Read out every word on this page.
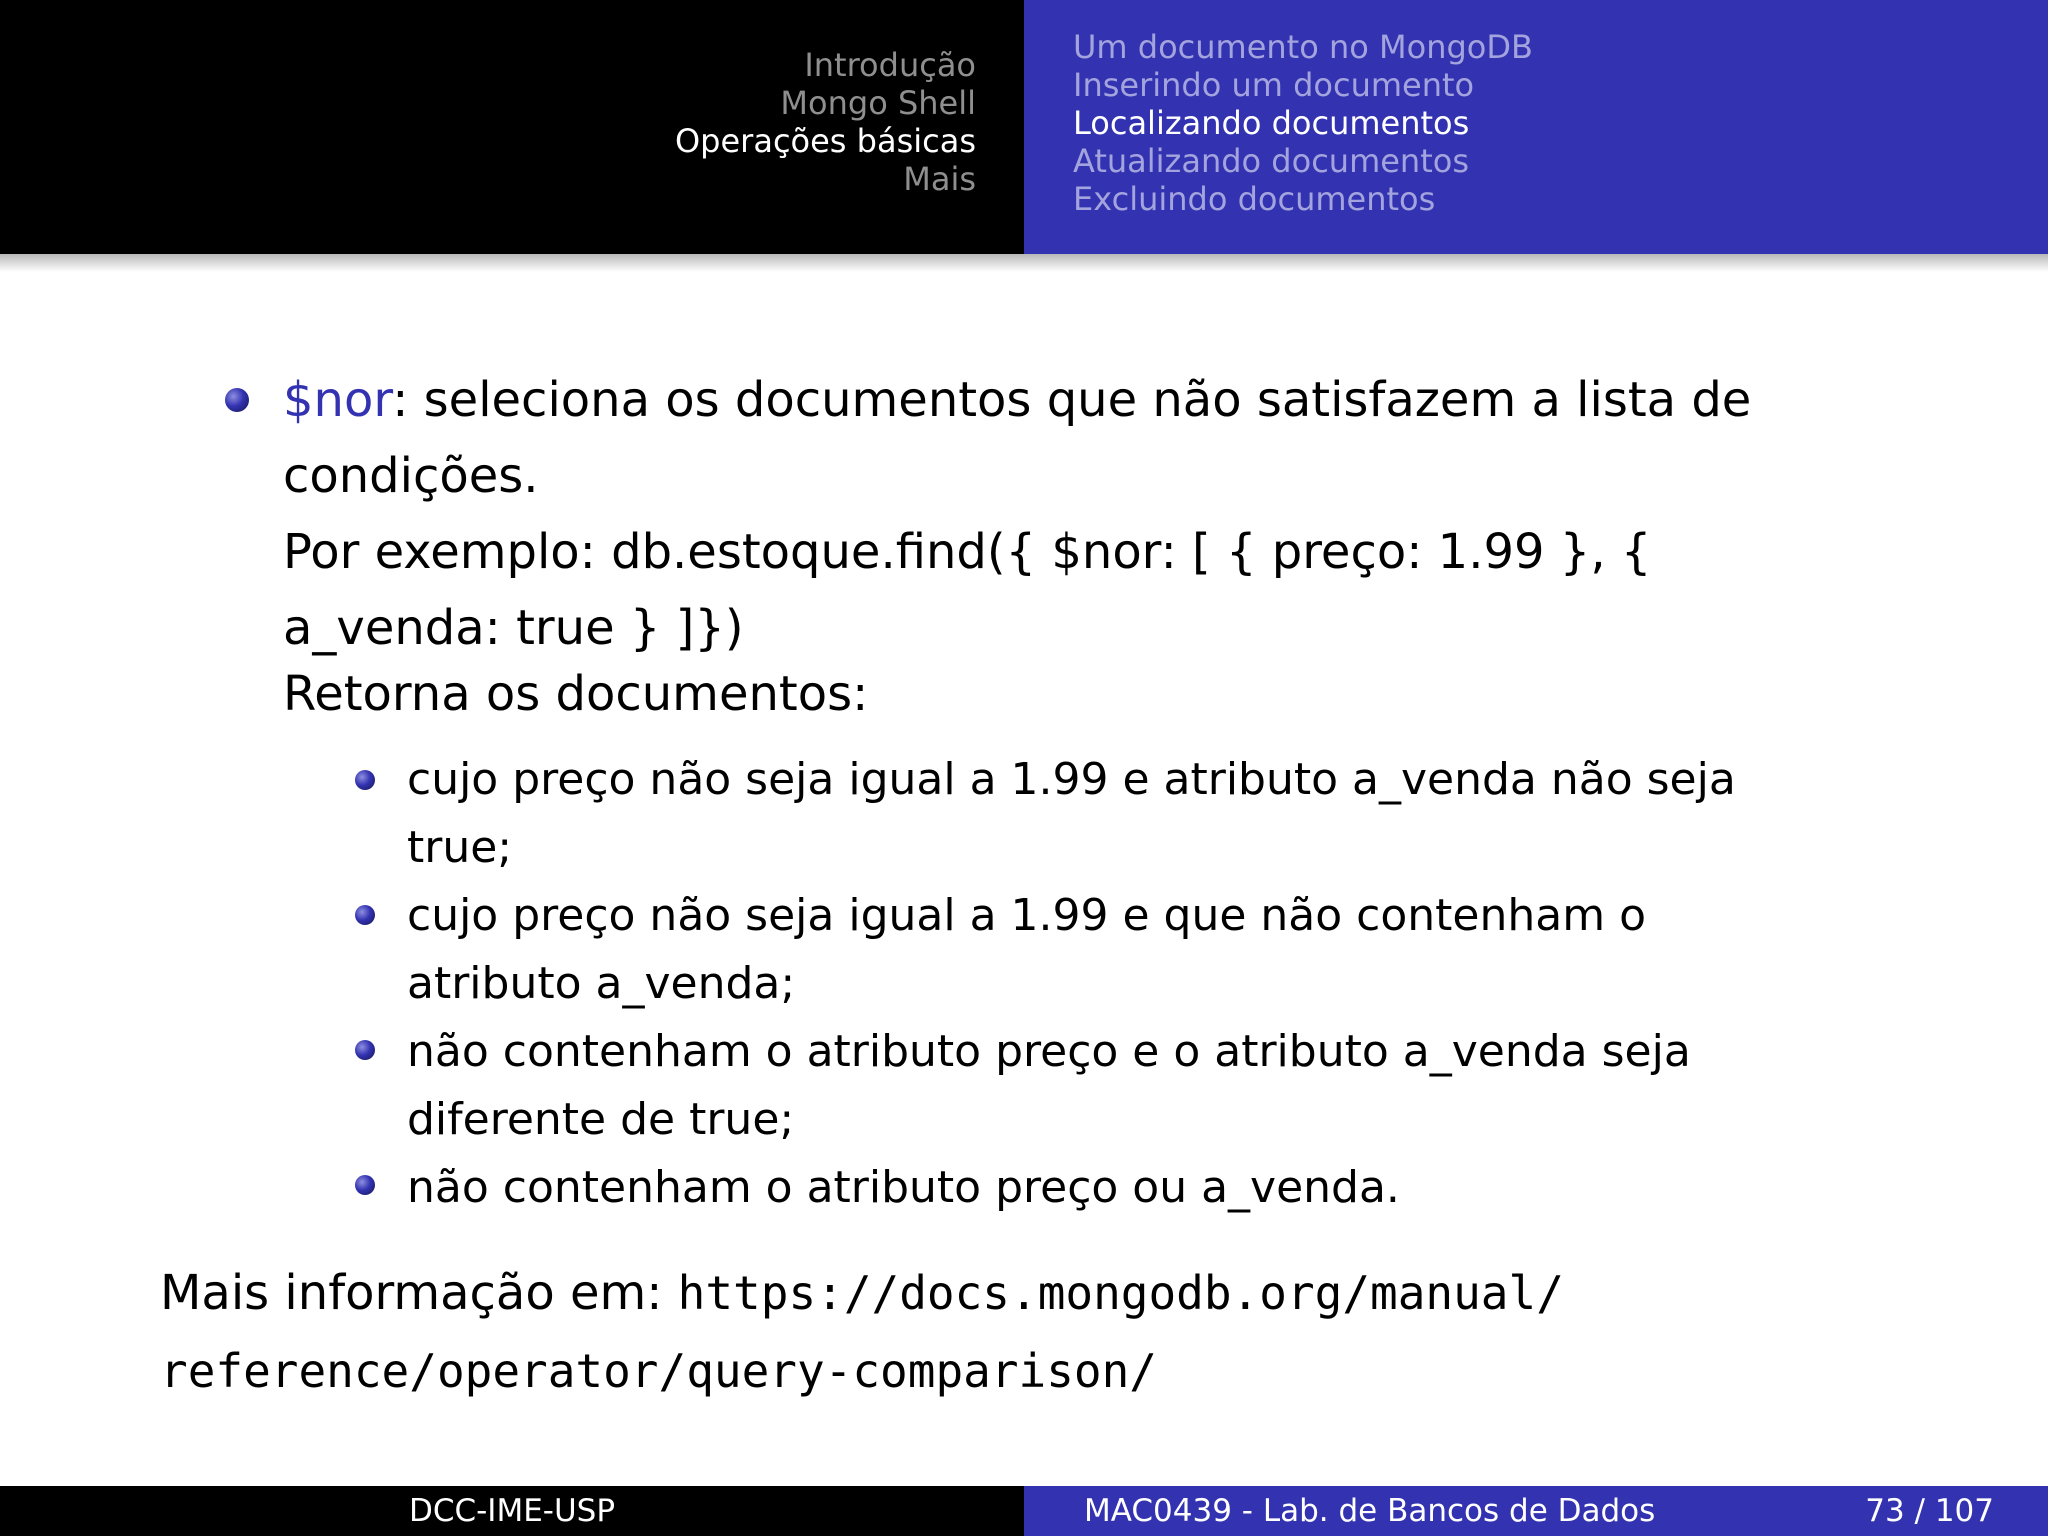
Introdução
Mongo Shell
Operações básicas
Mais
Um documento no MongoDB
Inserindo um documento
Localizando documentos
Atualizando documentos
Excluindo documentos
$nor: seleciona os documentos que não satisfazem a lista de
condições.
Por exemplo: db.estoque.find({ $nor: [ { preço: 1.99 }, {
a_venda: true } ]})
Retorna os documentos:
cujo preço não seja igual a 1.99 e atributo a_venda não seja
true;
cujo preço não seja igual a 1.99 e que não contenham o
atributo a_venda;
não contenham o atributo preço e o atributo a_venda seja
diferente de true;
não contenham o atributo preço ou a_venda.
Mais informação em: https://docs.mongodb.org/manual/
reference/operator/query-comparison/
DCC-IME-USP	MAC0439 - Lab. de Bancos de Dados	73 / 107
